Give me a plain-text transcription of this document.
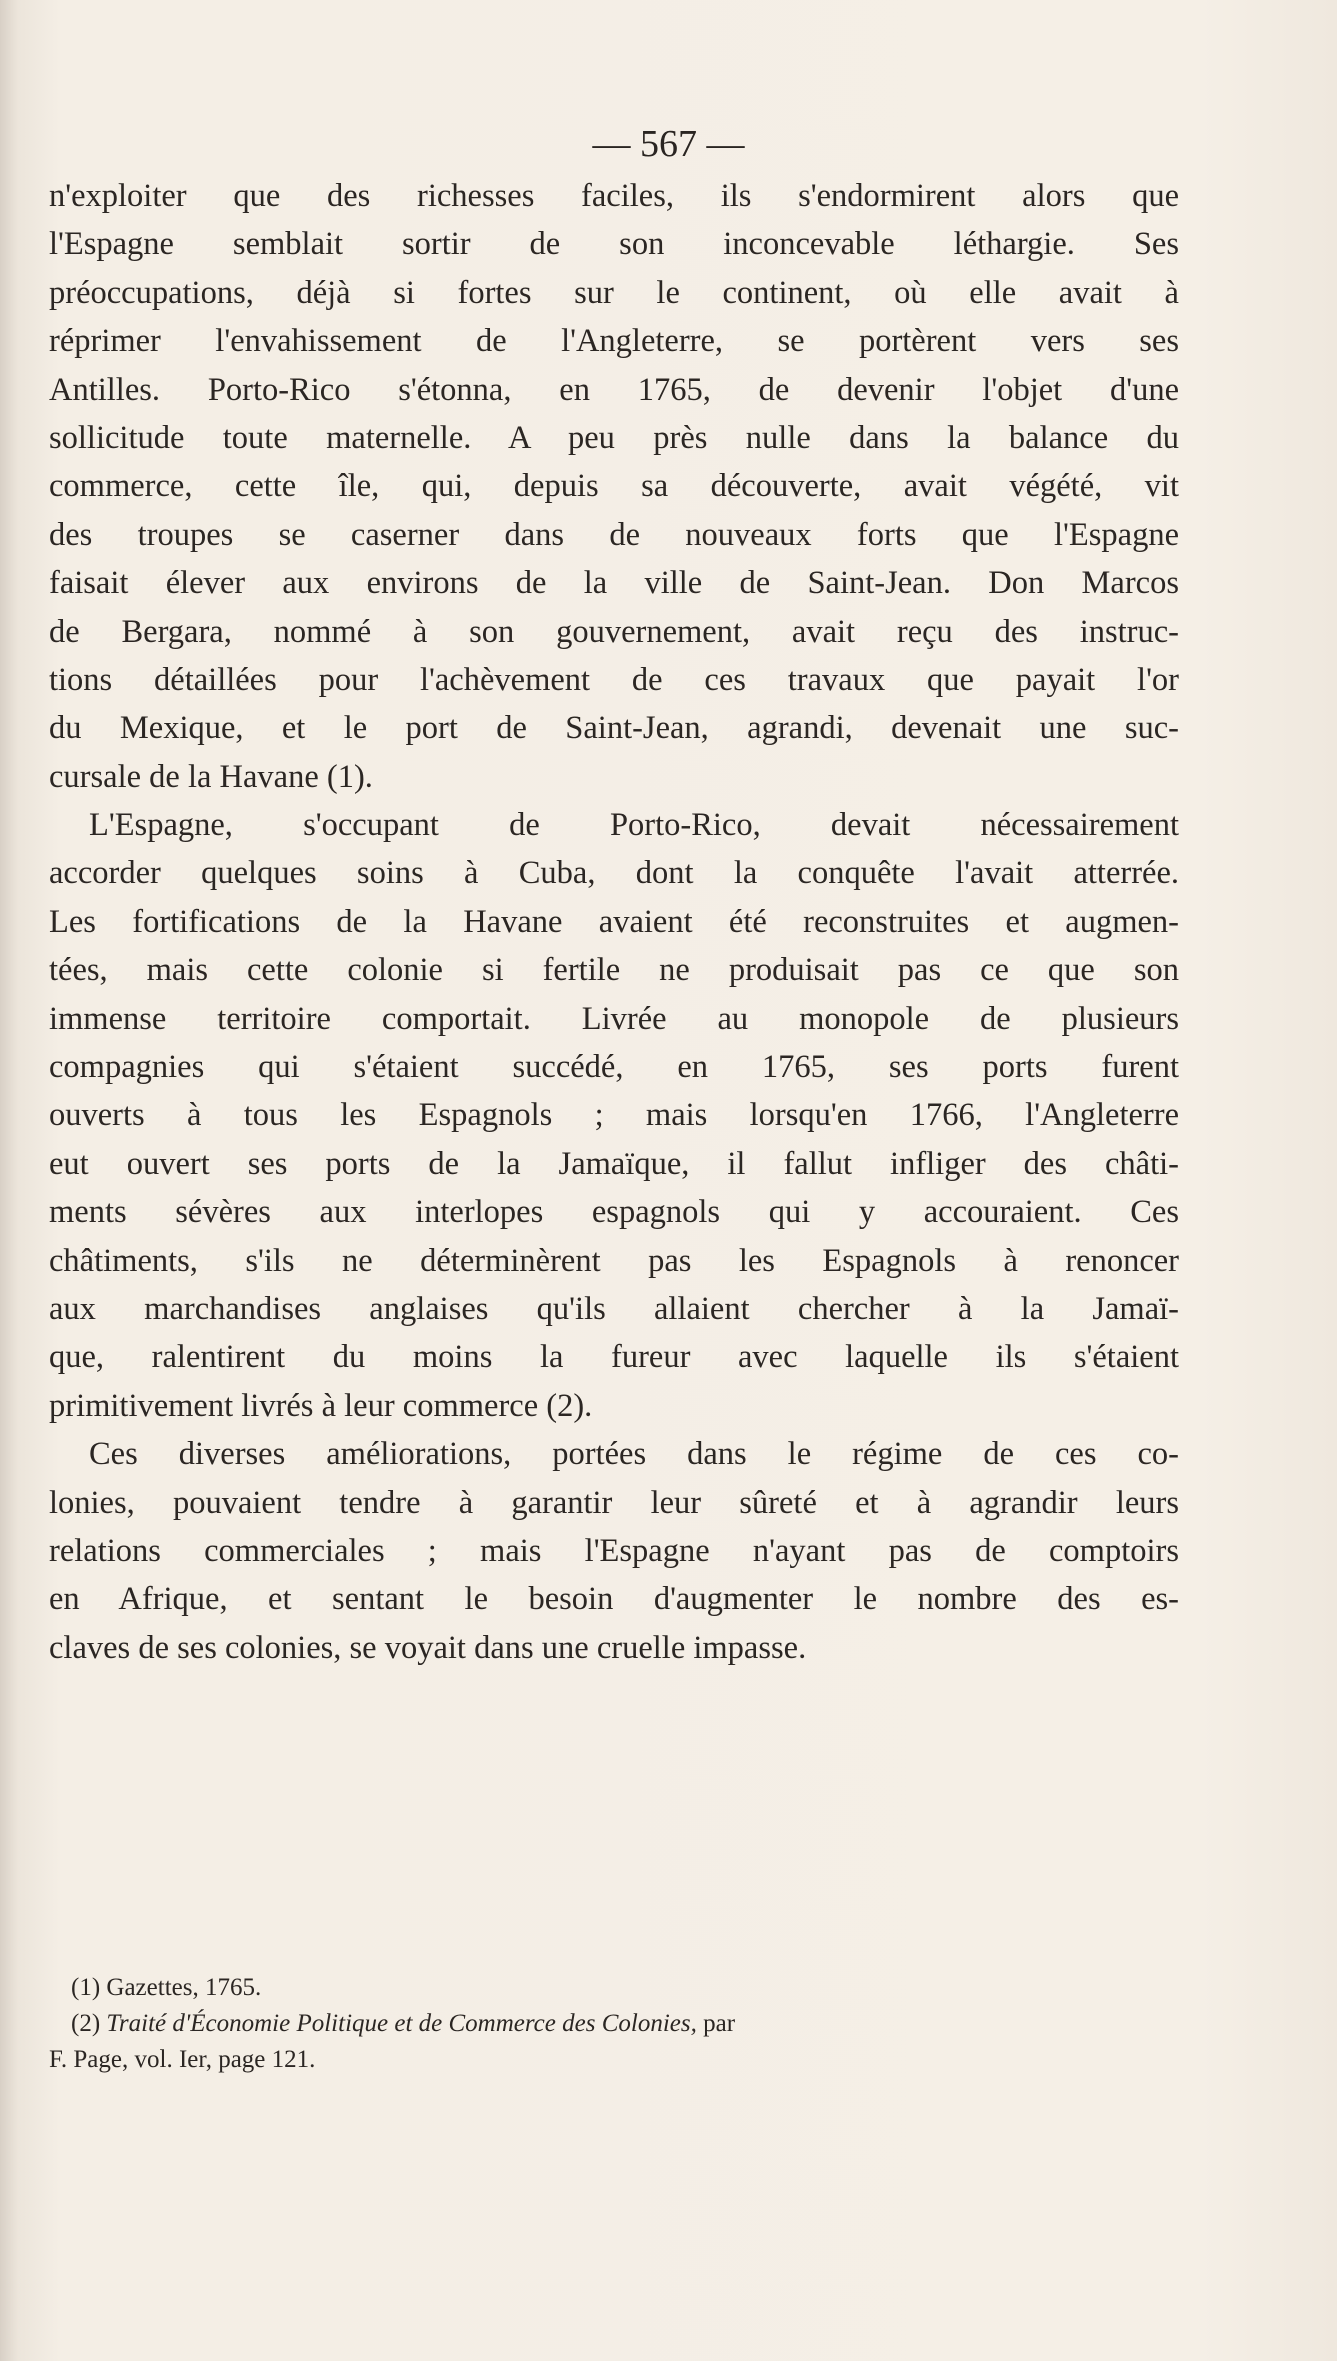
— 567 —
n'exploiter que des richesses faciles, ils s'endormirent alors que
l'Espagne semblait sortir de son inconcevable léthargie. Ses
préoccupations, déjà si fortes sur le continent, où elle avait à
réprimer l'envahissement de l'Angleterre, se portèrent vers ses
Antilles. Porto-Rico s'étonna, en 1765, de devenir l'objet d'une
sollicitude toute maternelle. A peu près nulle dans la balance du
commerce, cette île, qui, depuis sa découverte, avait végété, vit
des troupes se caserner dans de nouveaux forts que l'Espagne
faisait élever aux environs de la ville de Saint-Jean. Don Marcos
de Bergara, nommé à son gouvernement, avait reçu des instruc-
tions détaillées pour l'achèvement de ces travaux que payait l'or
du Mexique, et le port de Saint-Jean, agrandi, devenait une suc-
cursale de la Havane (1).
L'Espagne, s'occupant de Porto-Rico, devait nécessairement
accorder quelques soins à Cuba, dont la conquête l'avait atterrée.
Les fortifications de la Havane avaient été reconstruites et augmen-
tées, mais cette colonie si fertile ne produisait pas ce que son
immense territoire comportait. Livrée au monopole de plusieurs
compagnies qui s'étaient succédé, en 1765, ses ports furent
ouverts à tous les Espagnols ; mais lorsqu'en 1766, l'Angleterre
eut ouvert ses ports de la Jamaïque, il fallut infliger des châti-
ments sévères aux interlopes espagnols qui y accouraient. Ces
châtiments, s'ils ne déterminèrent pas les Espagnols à renoncer
aux marchandises anglaises qu'ils allaient chercher à la Jamaï-
que, ralentirent du moins la fureur avec laquelle ils s'étaient
primitivement livrés à leur commerce (2).
Ces diverses améliorations, portées dans le régime de ces co-
lonies, pouvaient tendre à garantir leur sûreté et à agrandir leurs
relations commerciales ; mais l'Espagne n'ayant pas de comptoirs
en Afrique, et sentant le besoin d'augmenter le nombre des es-
claves de ses colonies, se voyait dans une cruelle impasse.
(1) Gazettes, 1765.
(2) Traité d'Économie Politique et de Commerce des Colonies, par
F. Page, vol. Ier, page 121.
